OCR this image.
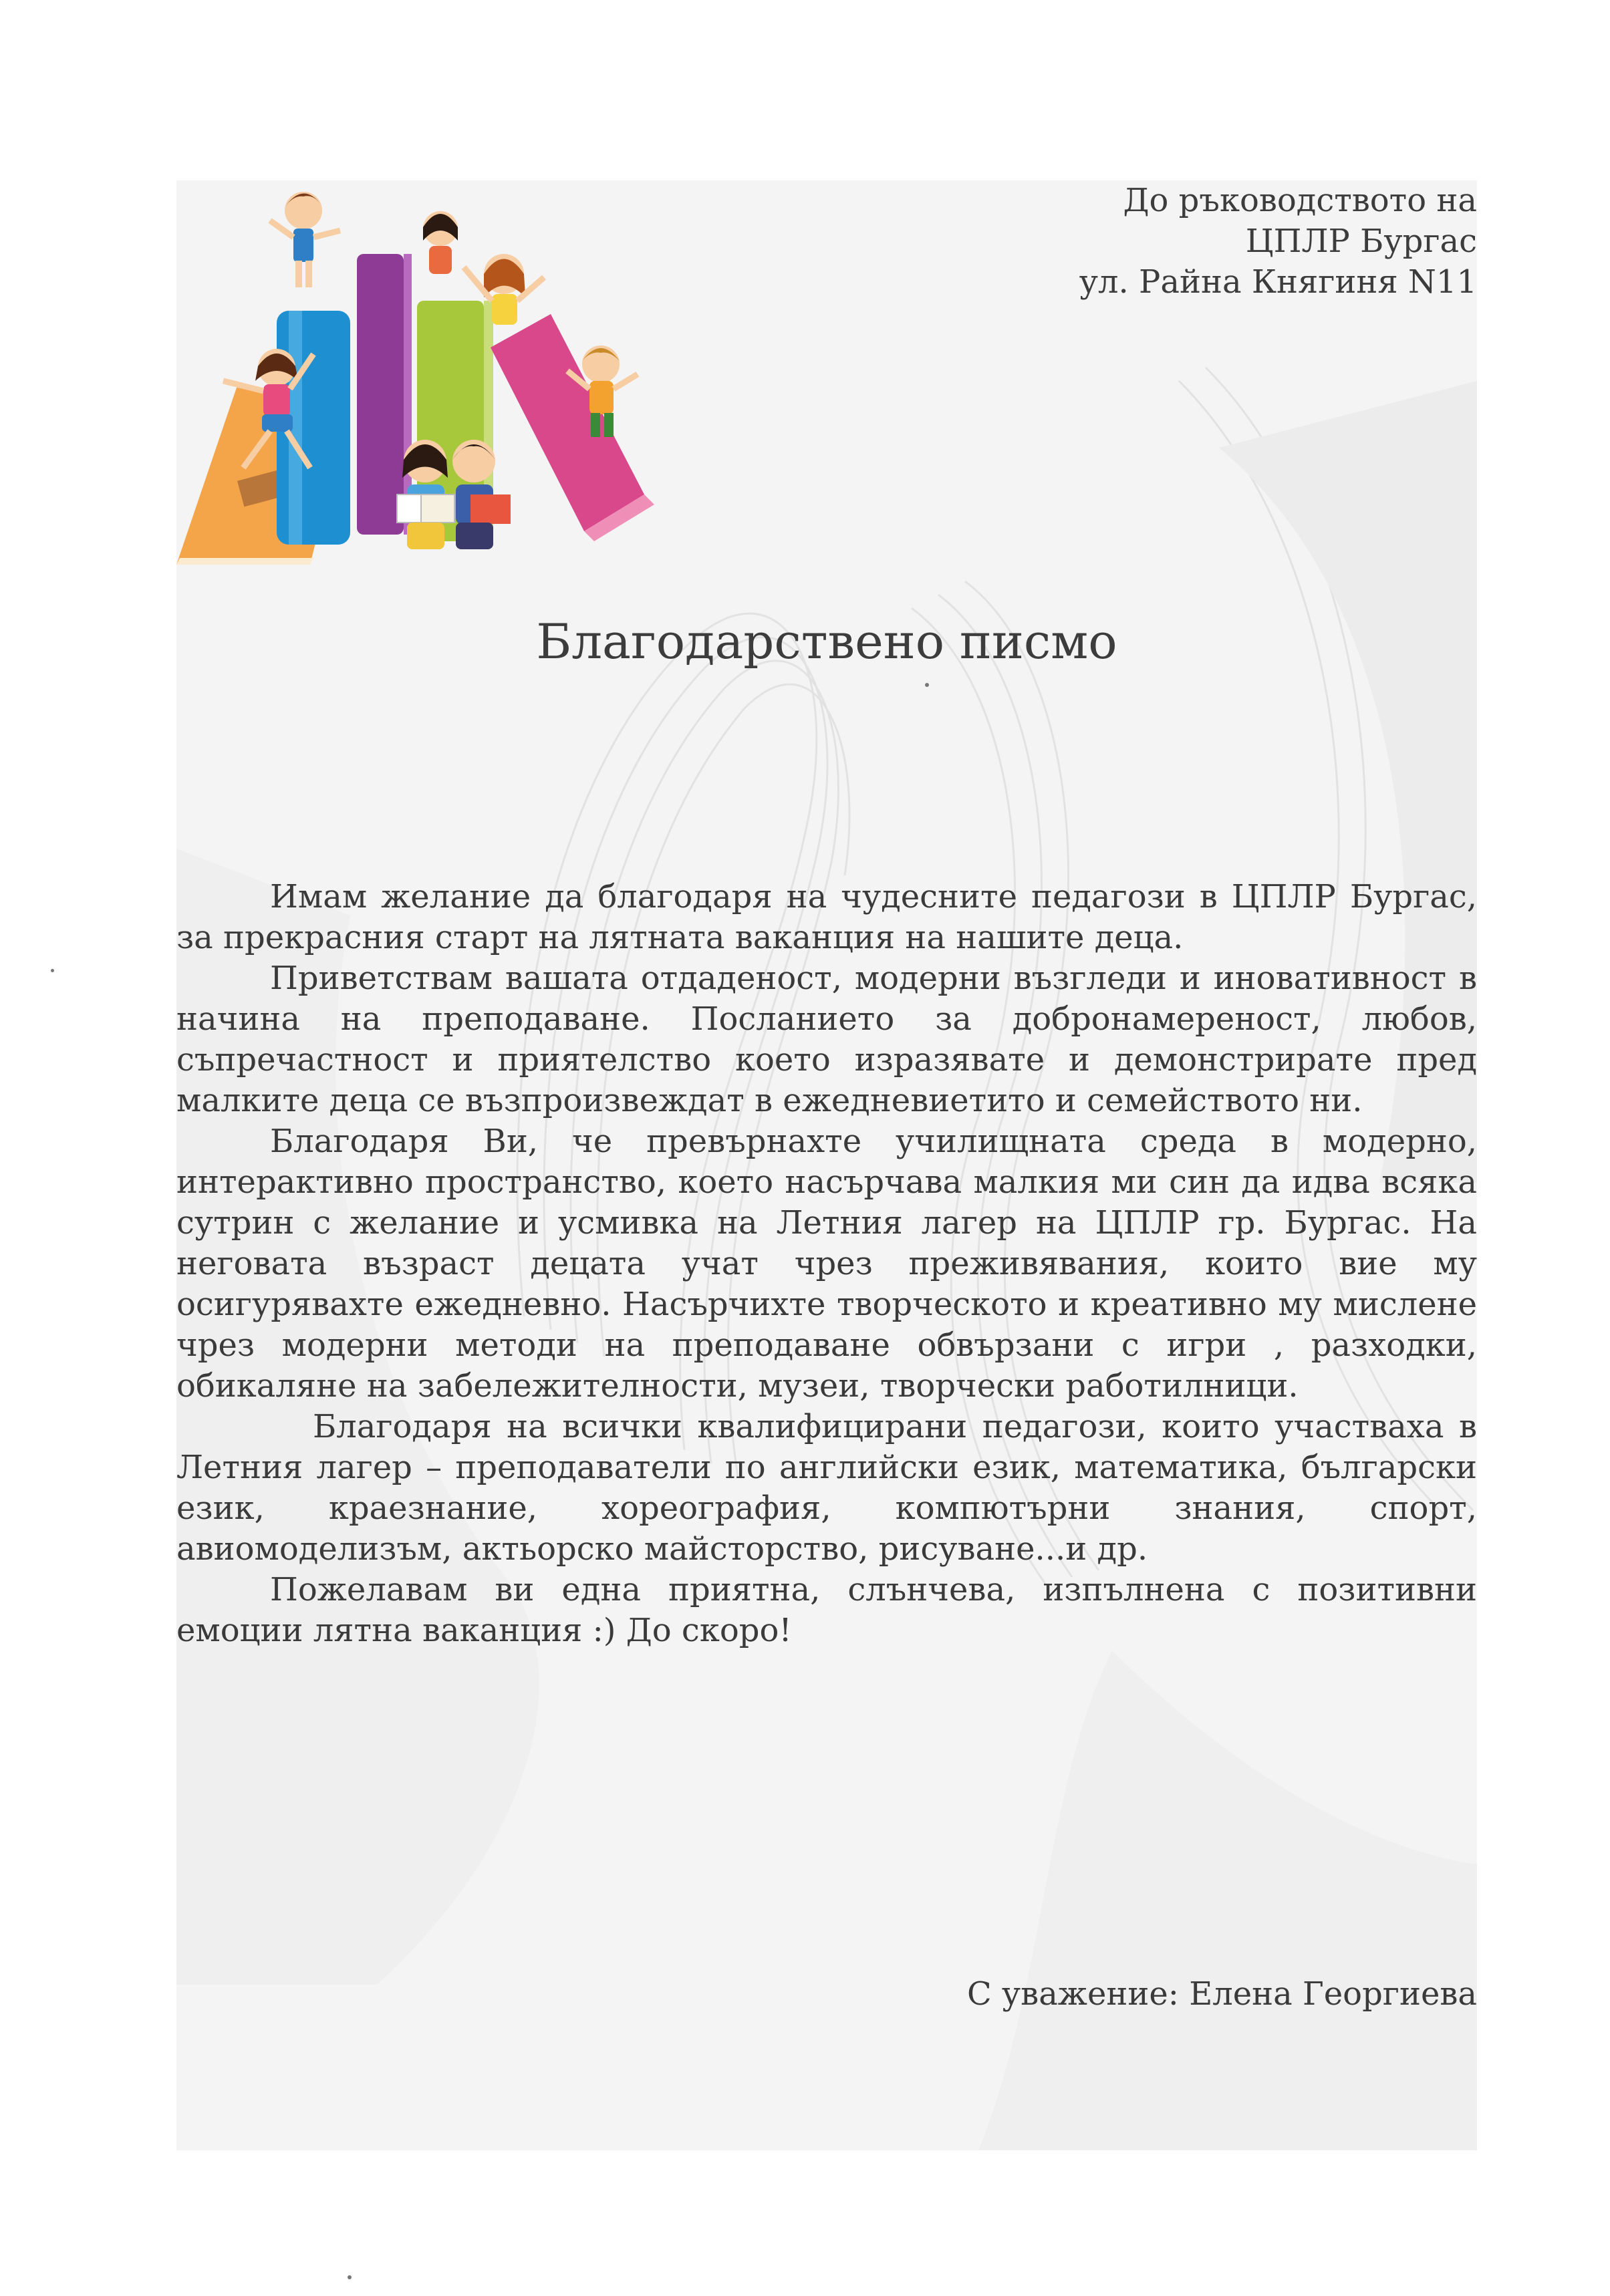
До ръководството на
ЦПЛР Бургас
ул. Райна Княгиня N11
Благодарствено писмо

Имам желание да благодаря на чудесните педагози в ЦПЛР Бургас, за прекрасния старт на лятната ваканция на нашите деца.

Приветствам вашата отдаденост, модерни възгледи и иновативност в начина на преподаване. Посланието за добронамереност, любов, съпречастност и приятелство което изразявате и демонстрирате пред малките деца се възпроизвеждат в ежедневиетито и семейството ни.

Благодаря Ви, че превърнахте училищната среда в модерно, интерактивно пространство, което насърчава малкия ми син да идва всяка сутрин с желание и усмивка на Летния лагер на ЦПЛР гр. Бургас. На неговата възраст децата учат чрез преживявания, които вие му осигурявахте ежедневно. Насърчихте творческото и креативно му мислене чрез модерни методи на преподаване обвързани с игри , разходки, обикаляне на забележителности, музеи, творчески работилници.

Благодаря на всички квалифицирани педагози, които участваха в Летния лагер – преподаватели по английски език, математика, български език, краезнание, хореография, компютърни знания, спорт, авиомоделизъм, актьорско майсторство, рисуване...и др.

Пожелавам ви една приятна, слънчева, изпълнена с позитивни емоции лятна ваканция :) До скоро!

С уважение: Елена Георгиева
